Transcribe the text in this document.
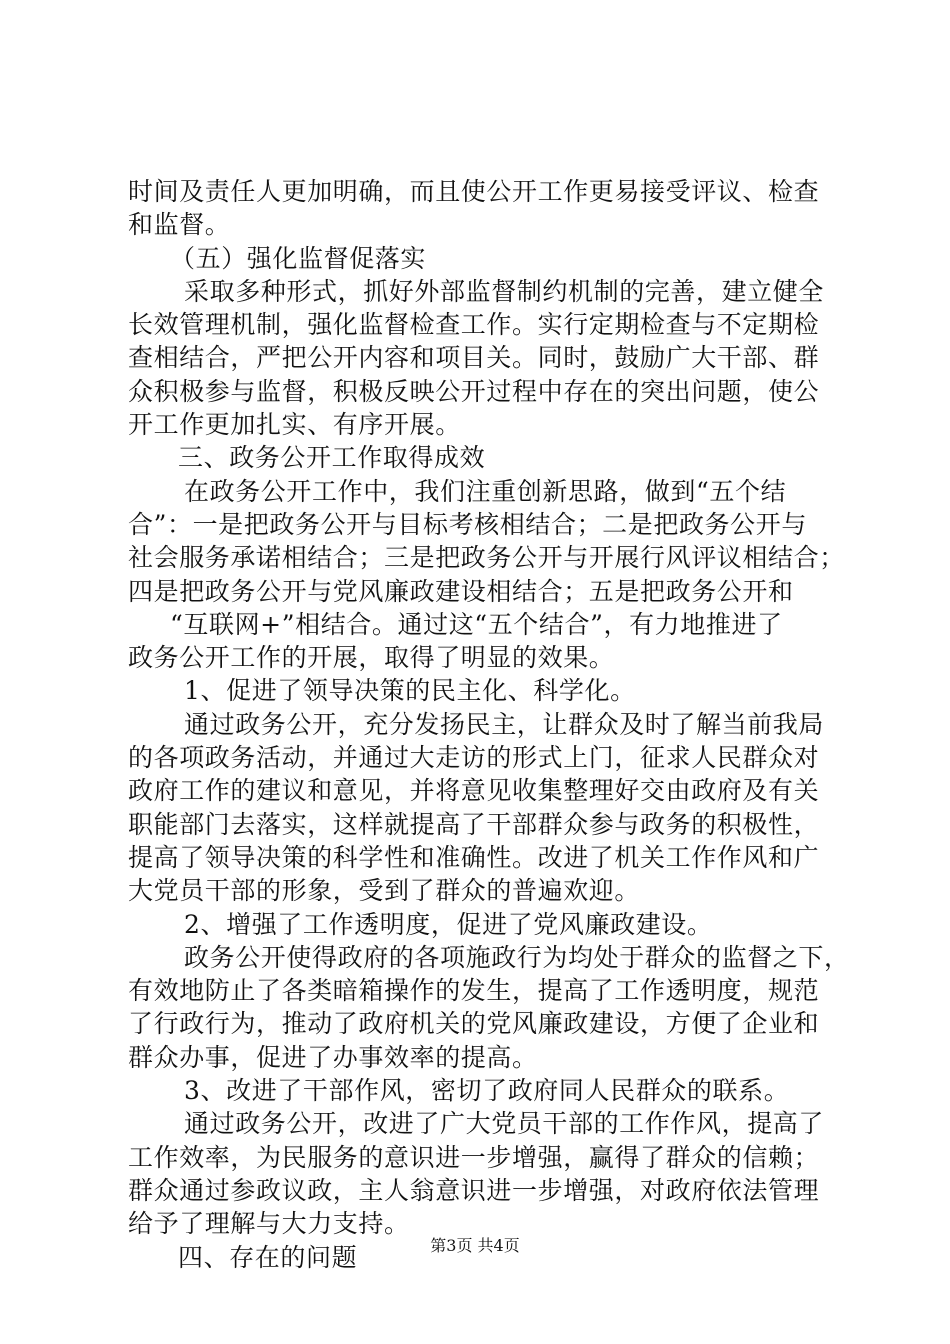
时间及责任人更加明确，而且使公开工作更易接受评议、检查
和监督。
（五）强化监督促落实
采取多种形式，抓好外部监督制约机制的完善，建立健全
长效管理机制，强化监督检查工作。实行定期检查与不定期检
查相结合，严把公开内容和项目关。同时，鼓励广大干部、群
众积极参与监督，积极反映公开过程中存在的突出问题，使公
开工作更加扎实、有序开展。
三、政务公开工作取得成效
在政务公开工作中，我们注重创新思路，做到“五个结
合”：一是把政务公开与目标考核相结合；二是把政务公开与
社会服务承诺相结合；三是把政务公开与开展行风评议相结合；
四是把政务公开与党风廉政建设相结合；五是把政务公开和
“互联网+”相结合。通过这“五个结合”，有力地推进了
政务公开工作的开展，取得了明显的效果。
1、促进了领导决策的民主化、科学化。
通过政务公开，充分发扬民主，让群众及时了解当前我局
的各项政务活动，并通过大走访的形式上门，征求人民群众对
政府工作的建议和意见，并将意见收集整理好交由政府及有关
职能部门去落实，这样就提高了干部群众参与政务的积极性，
提高了领导决策的科学性和准确性。改进了机关工作作风和广
大党员干部的形象，受到了群众的普遍欢迎。
2、增强了工作透明度，促进了党风廉政建设。
政务公开使得政府的各项施政行为均处于群众的监督之下，
有效地防止了各类暗箱操作的发生，提高了工作透明度，规范
了行政行为，推动了政府机关的党风廉政建设，方便了企业和
群众办事，促进了办事效率的提高。
3、改进了干部作风，密切了政府同人民群众的联系。
通过政务公开，改进了广大党员干部的工作作风，提高了
工作效率，为民服务的意识进一步增强，赢得了群众的信赖；
群众通过参政议政，主人翁意识进一步增强，对政府依法管理
给予了理解与大力支持。
四、存在的问题	第3页 共4页
